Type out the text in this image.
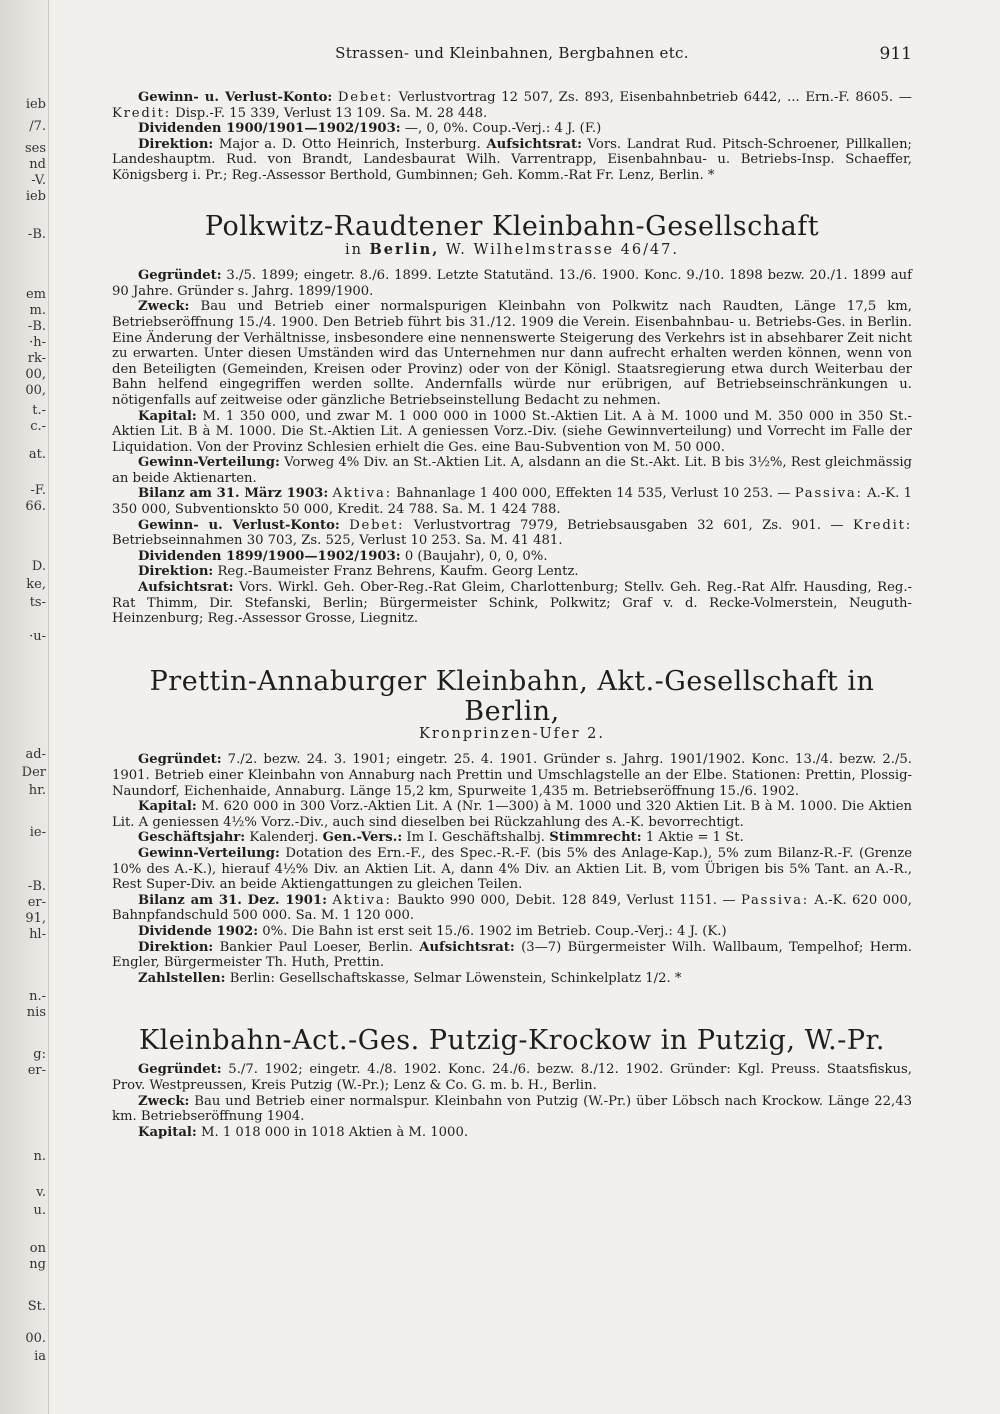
ieb
/7.
ses
nd
-V.
ieb
-B.
em
m.
-B.
·h-
rk-
00,
00,
t.-
c.-
at.
-F.
66.
D.
ke,
ts-
·u-
ad-
Der
hr.
ie-
-B.
er-
91,
hl-
n.-
nis
g:
er-
n.
v.
u.
on
ng
St.
00.
ia
Strassen- und Kleinbahnen, Bergbahnen etc.	911

Gewinn- u. Verlust-Konto: Debet: Verlustvortrag 12 507, Zs. 893, Eisenbahnbetrieb 6442, ... Ern.-F. 8605. — Kredit: Disp.-F. 15 339, Verlust 13 109. Sa. M. 28 448.

Dividenden 1900/1901—1902/1903: —, 0, 0%. Coup.-Verj.: 4 J. (F.)

Direktion: Major a. D. Otto Heinrich, Insterburg. Aufsichtsrat: Vors. Landrat Rud. Pitsch-Schroener, Pillkallen; Landeshauptm. Rud. von Brandt, Landesbaurat Wilh. Varrentrapp, Eisenbahnbau- u. Betriebs-Insp. Schaeffer, Königsberg i. Pr.; Reg.-Assessor Berthold, Gumbinnen; Geh. Komm.-Rat Fr. Lenz, Berlin. *

Polkwitz-Raudtener Kleinbahn-Gesellschaft
in Berlin, W. Wilhelmstrasse 46/47.

Gegründet: 3./5. 1899; eingetr. 8./6. 1899. Letzte Statutänd. 13./6. 1900. Konc. 9./10. 1898 bezw. 20./1. 1899 auf 90 Jahre. Gründer s. Jahrg. 1899/1900.

Zweck: Bau und Betrieb einer normalspurigen Kleinbahn von Polkwitz nach Raudten, Länge 17,5 km, Betriebseröffnung 15./4. 1900. Den Betrieb führt bis 31./12. 1909 die Verein. Eisenbahnbau- u. Betriebs-Ges. in Berlin. Eine Änderung der Verhältnisse, insbesondere eine nennenswerte Steigerung des Verkehrs ist in absehbarer Zeit nicht zu erwarten. Unter diesen Umständen wird das Unternehmen nur dann aufrecht erhalten werden können, wenn von den Beteiligten (Gemeinden, Kreisen oder Provinz) oder von der Königl. Staatsregierung etwa durch Weiterbau der Bahn helfend eingegriffen werden sollte. Andernfalls würde nur erübrigen, auf Betriebseinschränkungen u. nötigenfalls auf zeitweise oder gänzliche Betriebseinstellung Bedacht zu nehmen.

Kapital: M. 1 350 000, und zwar M. 1 000 000 in 1000 St.-Aktien Lit. A à M. 1000 und M. 350 000 in 350 St.-Aktien Lit. B à M. 1000. Die St.-Aktien Lit. A geniessen Vorz.-Div. (siehe Gewinnverteilung) und Vorrecht im Falle der Liquidation. Von der Provinz Schlesien erhielt die Ges. eine Bau-Subvention von M. 50 000.

Gewinn-Verteilung: Vorweg 4% Div. an St.-Aktien Lit. A, alsdann an die St.-Akt. Lit. B bis 3½%, Rest gleichmässig an beide Aktienarten.

Bilanz am 31. März 1903: Aktiva: Bahnanlage 1 400 000, Effekten 14 535, Verlust 10 253. — Passiva: A.-K. 1 350 000, Subventionskto 50 000, Kredit. 24 788. Sa. M. 1 424 788.

Gewinn- u. Verlust-Konto: Debet: Verlustvortrag 7979, Betriebsausgaben 32 601, Zs. 901. — Kredit: Betriebseinnahmen 30 703, Zs. 525, Verlust 10 253. Sa. M. 41 481.

Dividenden 1899/1900—1902/1903: 0 (Baujahr), 0, 0, 0%.

Direktion: Reg.-Baumeister Franz Behrens, Kaufm. Georg Lentz.

Aufsichtsrat: Vors. Wirkl. Geh. Ober-Reg.-Rat Gleim, Charlottenburg; Stellv. Geh. Reg.-Rat Alfr. Hausding, Reg.-Rat Thimm, Dir. Stefanski, Berlin; Bürgermeister Schink, Polkwitz; Graf v. d. Recke-Volmerstein, Neuguth-Heinzenburg; Reg.-Assessor Grosse, Liegnitz.

Prettin-Annaburger Kleinbahn, Akt.-Gesellschaft in Berlin,
Kronprinzen-Ufer 2.

Gegründet: 7./2. bezw. 24. 3. 1901; eingetr. 25. 4. 1901. Gründer s. Jahrg. 1901/1902. Konc. 13./4. bezw. 2./5. 1901. Betrieb einer Kleinbahn von Annaburg nach Prettin und Umschlagstelle an der Elbe. Stationen: Prettin, Plossig-Naundorf, Eichenhaide, Annaburg. Länge 15,2 km, Spurweite 1,435 m. Betriebseröffnung 15./6. 1902.

Kapital: M. 620 000 in 300 Vorz.-Aktien Lit. A (Nr. 1—300) à M. 1000 und 320 Aktien Lit. B à M. 1000. Die Aktien Lit. A geniessen 4½% Vorz.-Div., auch sind dieselben bei Rückzahlung des A.-K. bevorrechtigt.

Geschäftsjahr: Kalenderj. Gen.-Vers.: Im I. Geschäftshalbj. Stimmrecht: 1 Aktie = 1 St.

Gewinn-Verteilung: Dotation des Ern.-F., des Spec.-R.-F. (bis 5% des Anlage-Kap.), 5% zum Bilanz-R.-F. (Grenze 10% des A.-K.), hierauf 4½% Div. an Aktien Lit. A, dann 4% Div. an Aktien Lit. B, vom Übrigen bis 5% Tant. an A.-R., Rest Super-Div. an beide Aktiengattungen zu gleichen Teilen.

Bilanz am 31. Dez. 1901: Aktiva: Baukto 990 000, Debit. 128 849, Verlust 1151. — Passiva: A.-K. 620 000, Bahnpfandschuld 500 000. Sa. M. 1 120 000.

Dividende 1902: 0%. Die Bahn ist erst seit 15./6. 1902 im Betrieb. Coup.-Verj.: 4 J. (K.)

Direktion: Bankier Paul Loeser, Berlin. Aufsichtsrat: (3—7) Bürgermeister Wilh. Wallbaum, Tempelhof; Herm. Engler, Bürgermeister Th. Huth, Prettin.

Zahlstellen: Berlin: Gesellschaftskasse, Selmar Löwenstein, Schinkelplatz 1/2. *

Kleinbahn-Act.-Ges. Putzig-Krockow in Putzig, W.-Pr.

Gegründet: 5./7. 1902; eingetr. 4./8. 1902. Konc. 24./6. bezw. 8./12. 1902. Gründer: Kgl. Preuss. Staatsfiskus, Prov. Westpreussen, Kreis Putzig (W.-Pr.); Lenz & Co. G. m. b. H., Berlin.

Zweck: Bau und Betrieb einer normalspur. Kleinbahn von Putzig (W.-Pr.) über Löbsch nach Krockow. Länge 22,43 km. Betriebseröffnung 1904.

Kapital: M. 1 018 000 in 1018 Aktien à M. 1000.
